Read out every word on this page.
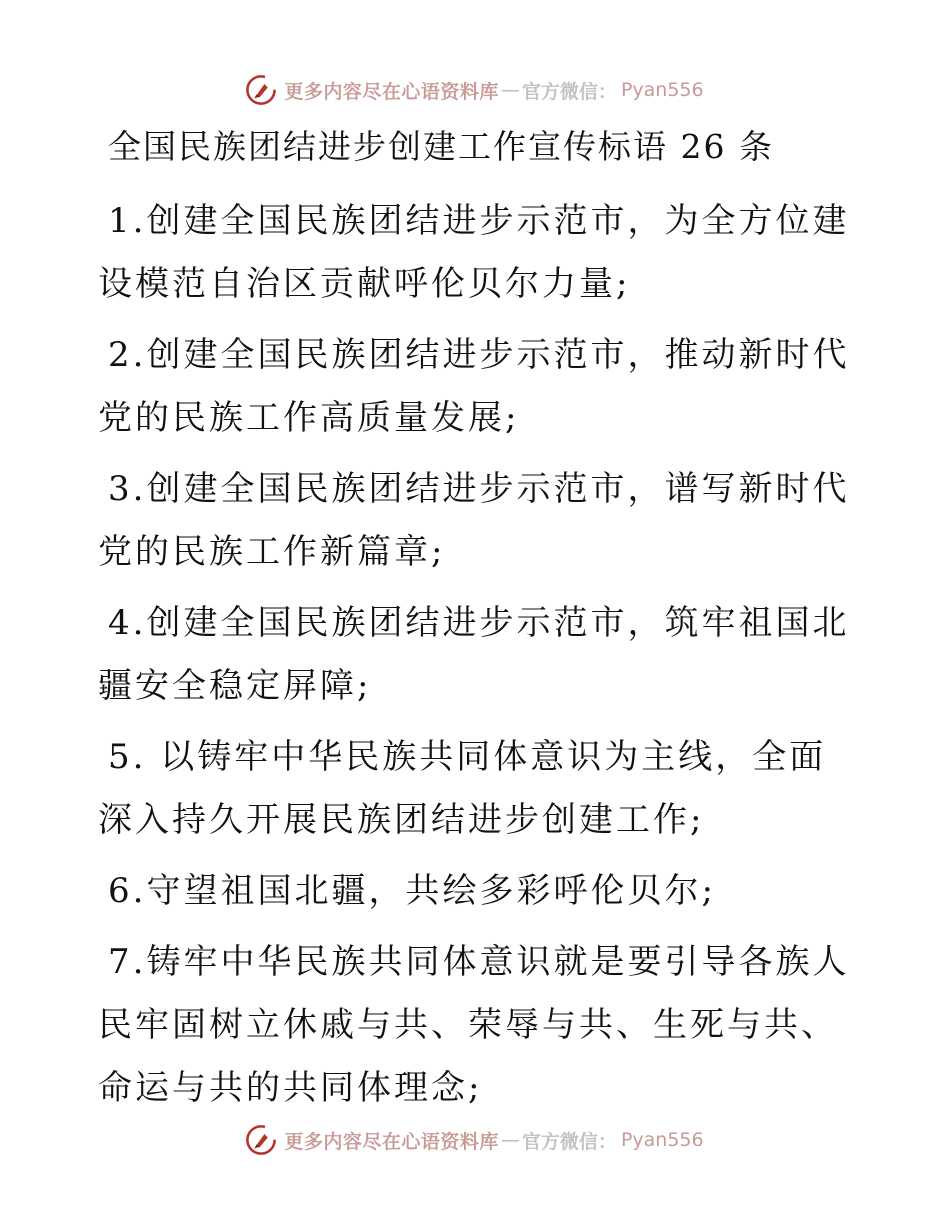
更多内容尽在心语资料库 — 官方微信： Pyan556
全国民族团结进步创建工作宣传标语 26 条

1.创建全国民族团结进步示范市，为全方位建设模范自治区贡献呼伦贝尔力量;

2.创建全国民族团结进步示范市，推动新时代党的民族工作高质量发展;

3.创建全国民族团结进步示范市，谱写新时代党的民族工作新篇章;

4.创建全国民族团结进步示范市，筑牢祖国北疆安全稳定屏障;

5. 以铸牢中华民族共同体意识为主线，全面深入持久开展民族团结进步创建工作;

6.守望祖国北疆，共绘多彩呼伦贝尔;

7.铸牢中华民族共同体意识就是要引导各族人民牢固树立休戚与共、荣辱与共、生死与共、命运与共的共同体理念;

更多内容尽在心语资料库 — 官方微信： Pyan556
